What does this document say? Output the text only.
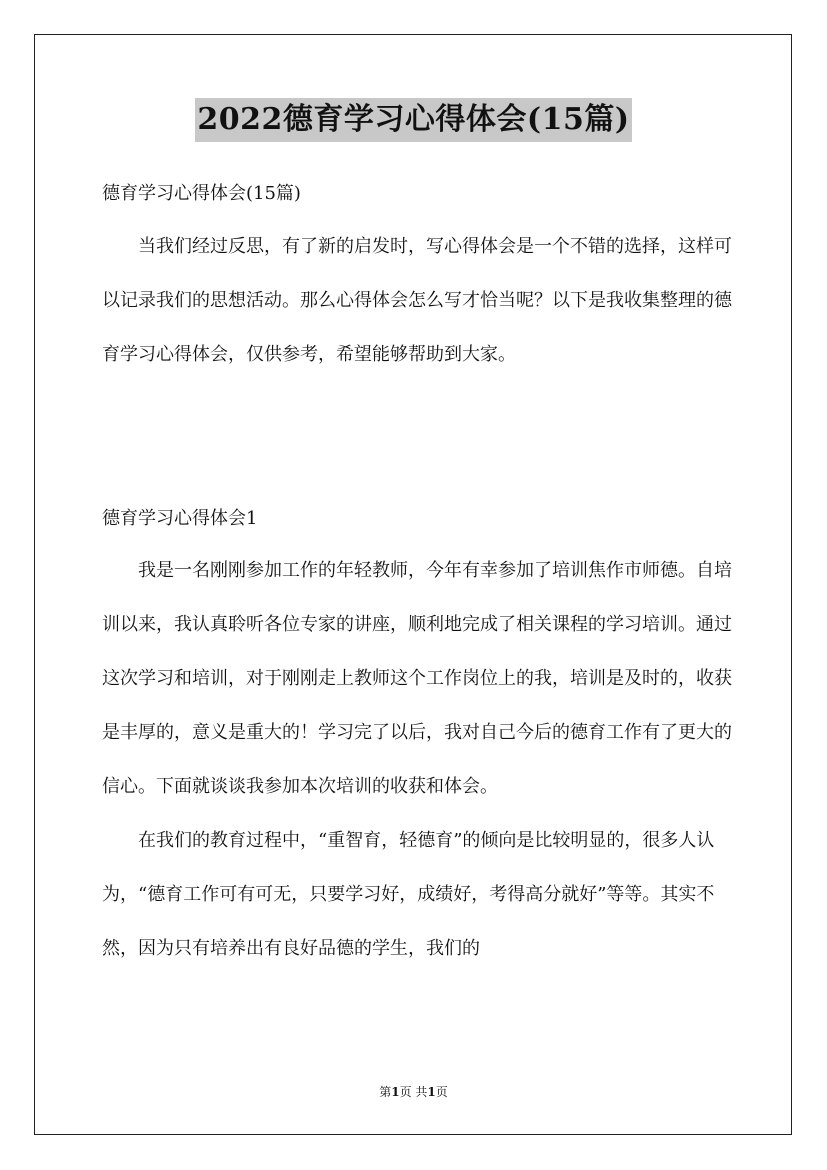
2022德育学习心得体会(15篇)
德育学习心得体会(15篇)

当我们经过反思，有了新的启发时，写心得体会是一个不错的选择，这样可以记录我们的思想活动。那么心得体会怎么写才恰当呢？以下是我收集整理的德育学习心得体会，仅供参考，希望能够帮助到大家。

德育学习心得体会1

我是一名刚刚参加工作的年轻教师，今年有幸参加了培训焦作市师德。自培训以来，我认真聆听各位专家的讲座，顺利地完成了相关课程的学习培训。通过这次学习和培训，对于刚刚走上教师这个工作岗位上的我，培训是及时的，收获是丰厚的，意义是重大的！学习完了以后，我对自己今后的德育工作有了更大的信心。下面就谈谈我参加本次培训的收获和体会。

在我们的教育过程中，“重智育，轻德育”的倾向是比较明显的，很多人认为，“德育工作可有可无，只要学习好，成绩好，考得高分就好”等等。其实不然，因为只有培养出有良好品德的学生，我们的

第1页 共1页
